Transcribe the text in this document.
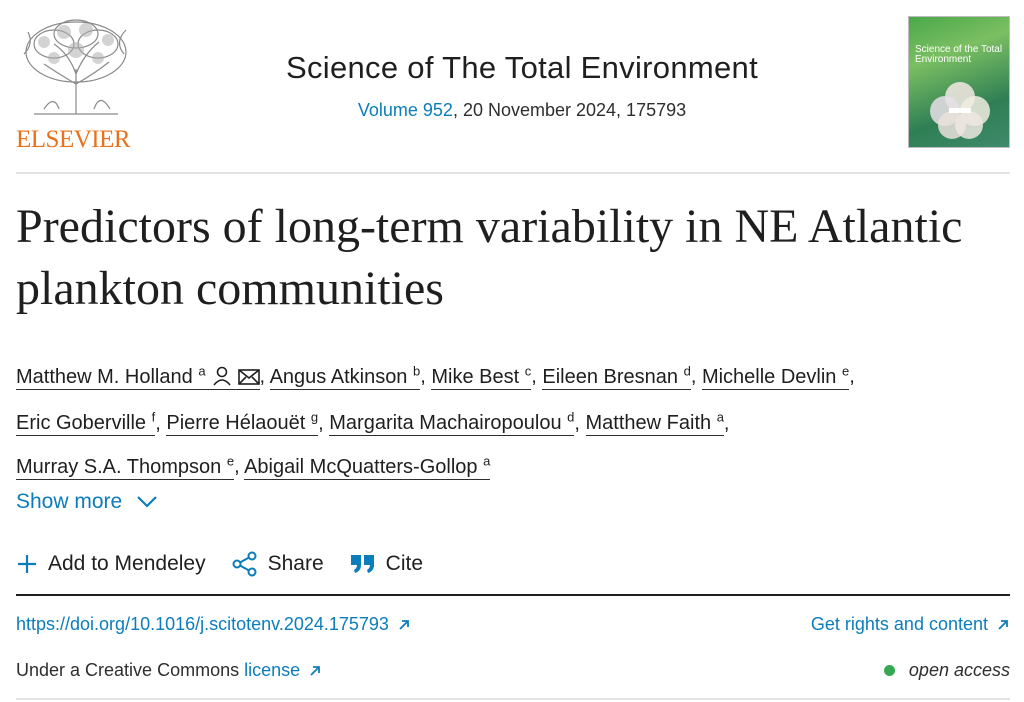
ELSEVIER
Science of The Total Environment
Volume 952, 20 November 2024, 175793
Science of the Total Environment
Predictors of long-term variability in NE Atlantic plankton communities
Matthew M. Holland $^a$	, Angus Atkinson $^b$, Mike Best $^c$, Eileen Bresnan $^d$, Michelle Devlin $^e$,
Eric Goberville $^f$, Pierre Hélaouët $^g$, Margarita Machairopoulou $^d$, Matthew Faith $^a$,
Murray S.A. Thompson $^e$, Abigail McQuatters-Gollop $^a$
Show more
Add to Mendeley	Share	Cite
https://doi.org/10.1016/j.scitotenv.2024.175793	Get rights and content
Under a Creative Commons license	open access
